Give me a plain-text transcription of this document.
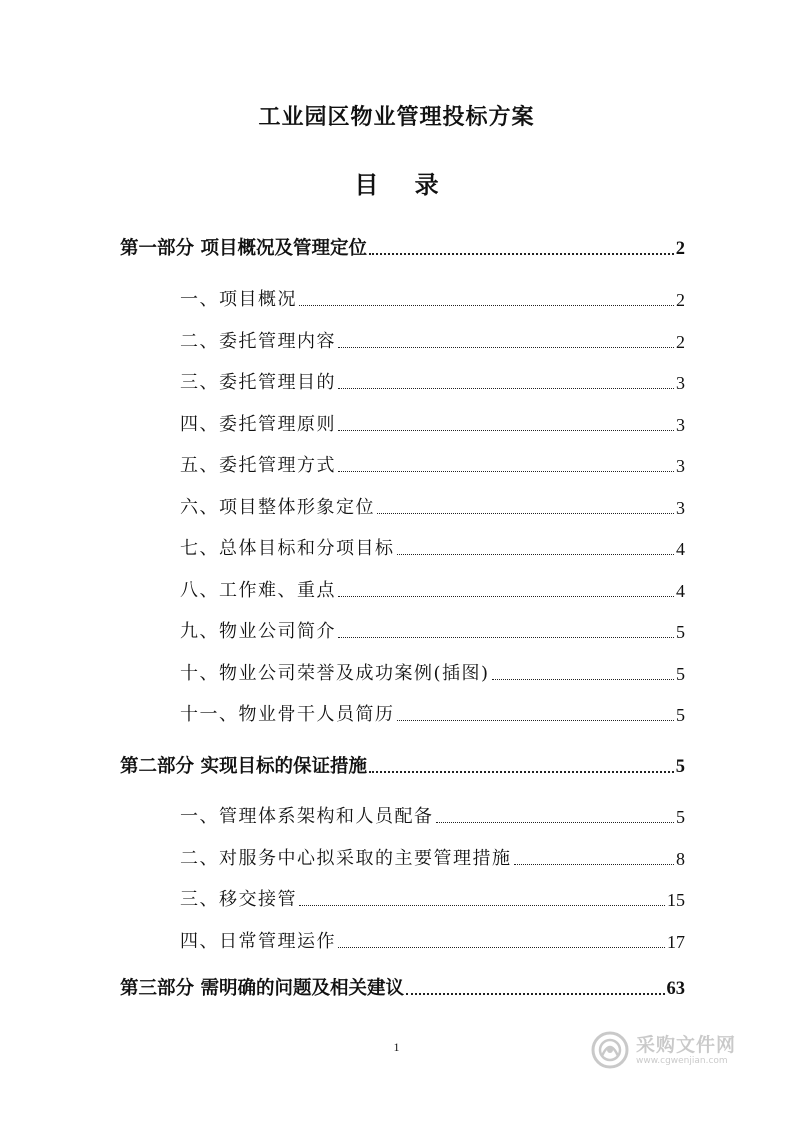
工业园区物业管理投标方案
目 录
第一部分 项目概况及管理定位	2
一、项目概况	2
二、委托管理内容	2
三、委托管理目的	3
四、委托管理原则	3
五、委托管理方式	3
六、项目整体形象定位	3
七、总体目标和分项目标	4
八、工作难、重点	4
九、物业公司简介	5
十、物业公司荣誉及成功案例(插图)	5
十一、物业骨干人员简历	5
第二部分 实现目标的保证措施	5
一、管理体系架构和人员配备	5
二、对服务中心拟采取的主要管理措施	8
三、移交接管	15
四、日常管理运作	17
第三部分 需明确的问题及相关建议	63
1	采购文件网
www.cgwenjian.com
